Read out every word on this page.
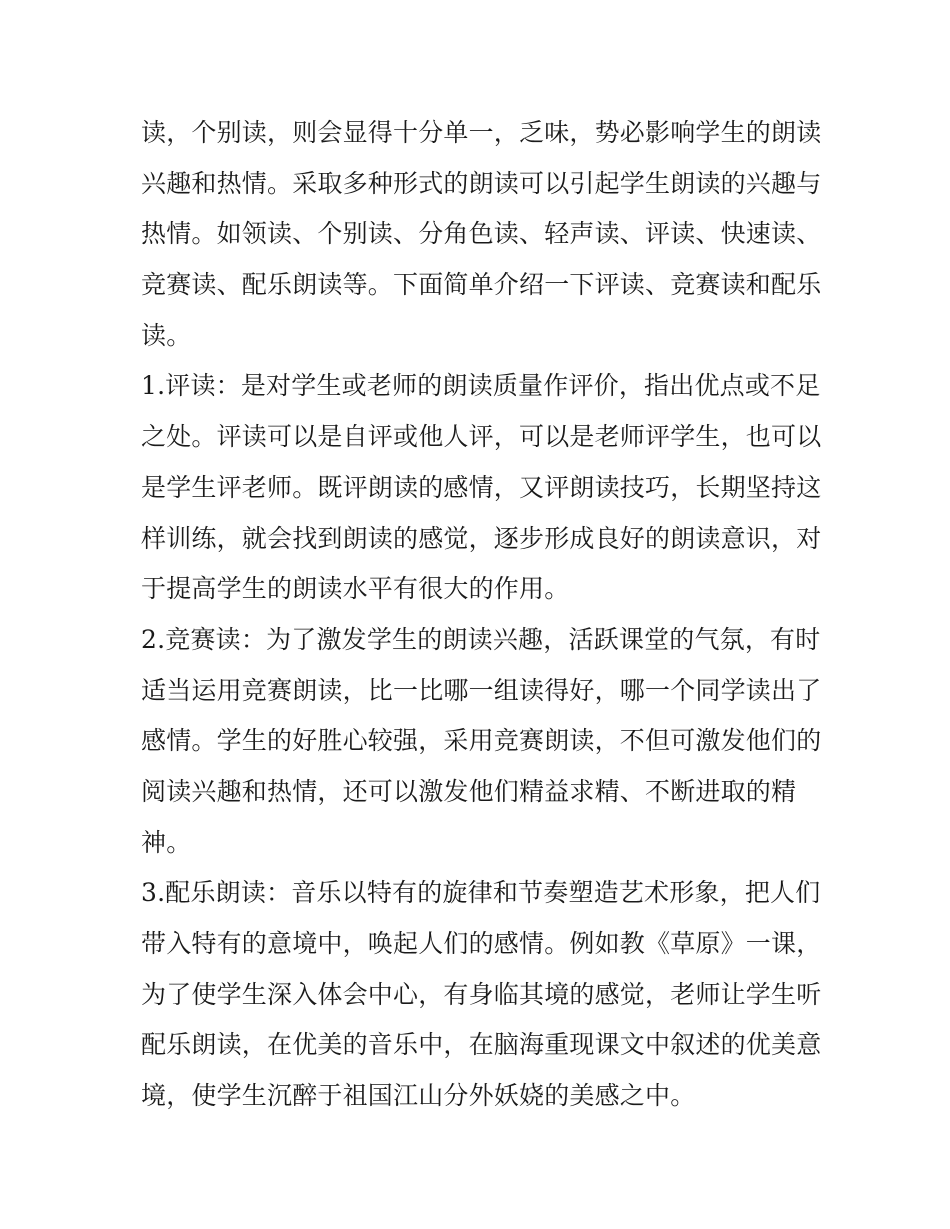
读，个别读，则会显得十分单一，乏味，势必影响学生的朗读
兴趣和热情。采取多种形式的朗读可以引起学生朗读的兴趣与
热情。如领读、个别读、分角色读、轻声读、评读、快速读、
竞赛读、配乐朗读等。下面简单介绍一下评读、竞赛读和配乐
读。
1.评读：是对学生或老师的朗读质量作评价，指出优点或不足
之处。评读可以是自评或他人评，可以是老师评学生，也可以
是学生评老师。既评朗读的感情，又评朗读技巧，长期坚持这
样训练，就会找到朗读的感觉，逐步形成良好的朗读意识，对
于提高学生的朗读水平有很大的作用。
2.竞赛读：为了激发学生的朗读兴趣，活跃课堂的气氛，有时
适当运用竞赛朗读，比一比哪一组读得好，哪一个同学读出了
感情。学生的好胜心较强，采用竞赛朗读，不但可激发他们的
阅读兴趣和热情，还可以激发他们精益求精、不断进取的精
神。
3.配乐朗读：音乐以特有的旋律和节奏塑造艺术形象，把人们
带入特有的意境中，唤起人们的感情。例如教《草原》一课，
为了使学生深入体会中心，有身临其境的感觉，老师让学生听
配乐朗读，在优美的音乐中，在脑海重现课文中叙述的优美意
境，使学生沉醉于祖国江山分外妖娆的美感之中。
